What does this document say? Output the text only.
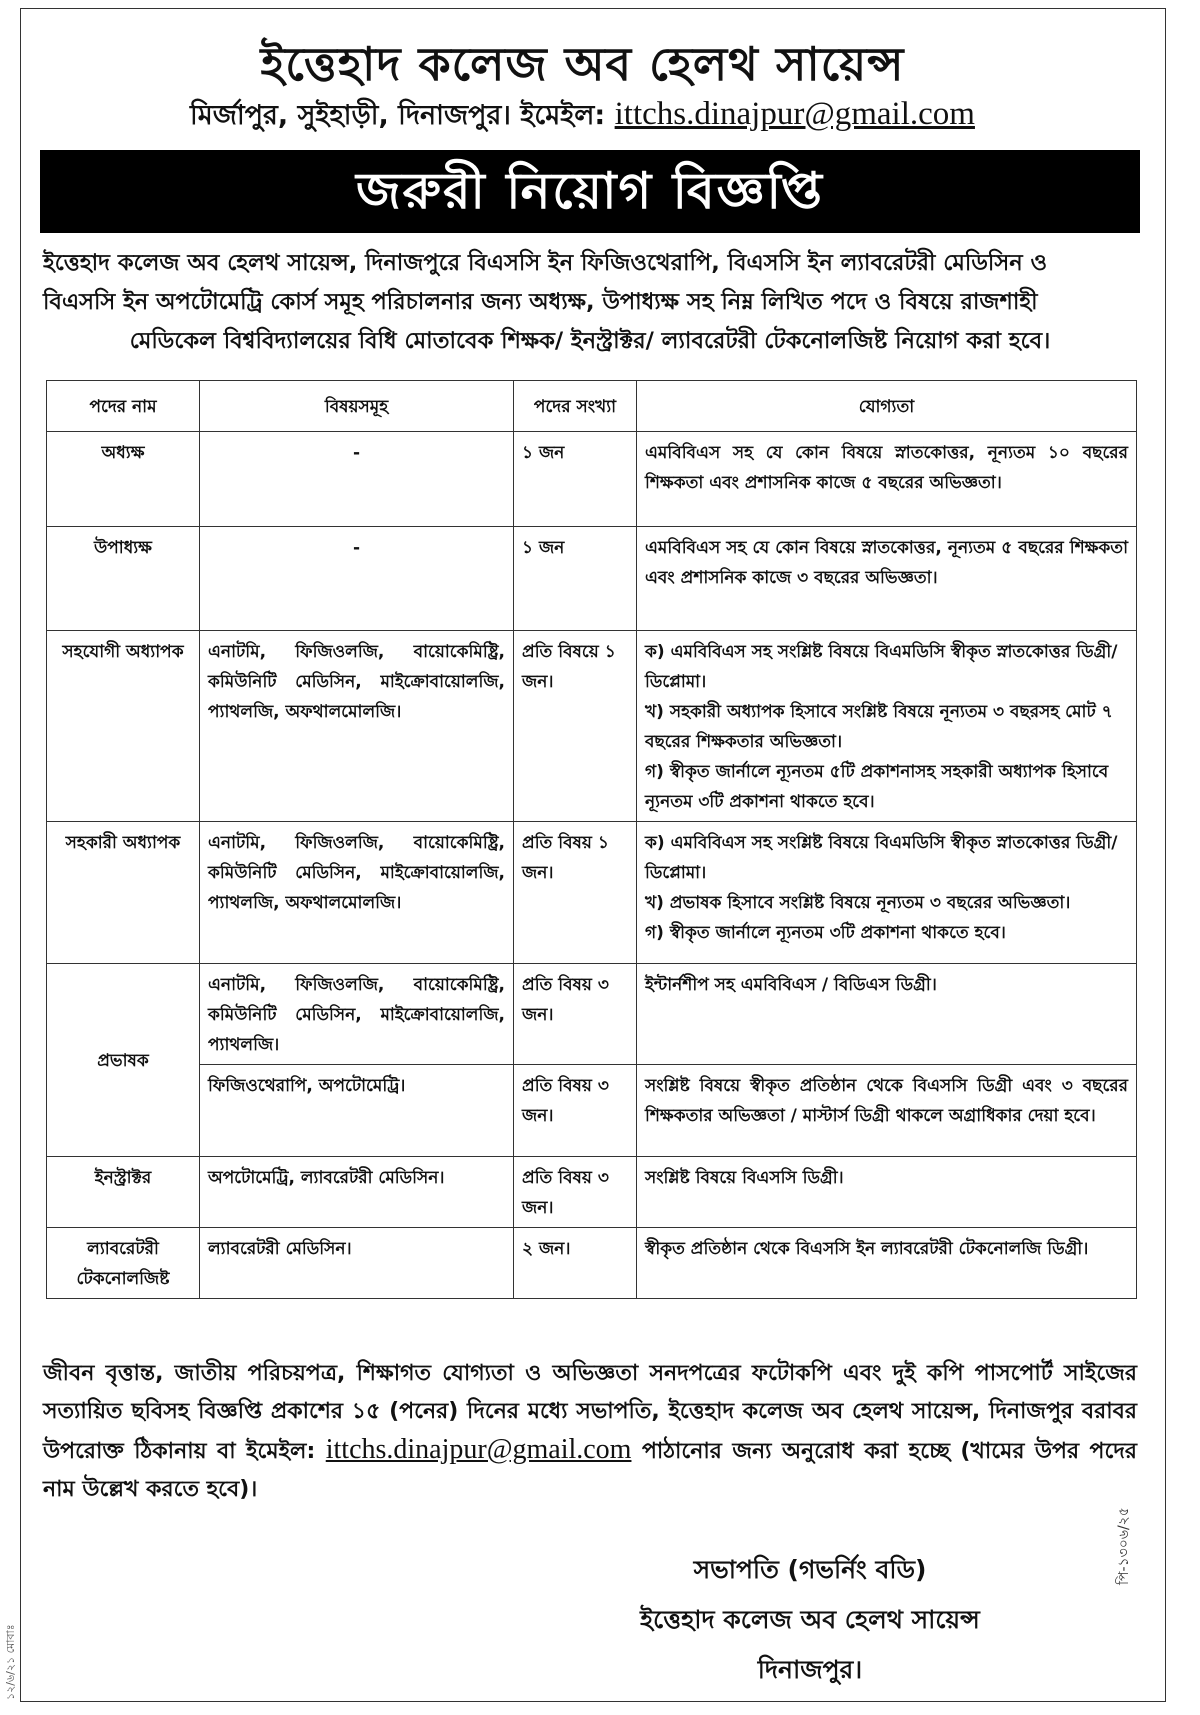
ইত্তেহাদ কলেজ অব হেলথ সায়েন্স
মির্জাপুর, সুইহাড়ী, দিনাজপুর। ইমেইল: ittchs.dinajpur@gmail.com
জরুরী নিয়োগ বিজ্ঞপ্তি
ইত্তেহাদ কলেজ অব হেলথ সায়েন্স, দিনাজপুরে বিএসসি ইন ফিজিওথেরাপি, বিএসসি ইন ল্যাবরেটরী মেডিসিন ও
বিএসসি ইন অপটোমেট্রি কোর্স সমূহ পরিচালনার জন্য অধ্যক্ষ, উপাধ্যক্ষ সহ নিম্ন লিখিত পদে ও বিষয়ে রাজশাহী
মেডিকেল বিশ্ববিদ্যালয়ের বিধি মোতাবেক শিক্ষক/ ইনস্ট্রাক্টর/ ল্যাবরেটরী টেকনোলজিষ্ট নিয়োগ করা হবে।
পদের নাম	বিষয়সমূহ	পদের সংখ্যা	যোগ্যতা
অধ্যক্ষ	-	১ জন	এমবিবিএস সহ যে কোন বিষয়ে স্নাতকোত্তর, নূন্যতম ১০ বছরের শিক্ষকতা এবং প্রশাসনিক কাজে ৫ বছরের অভিজ্ঞতা।
উপাধ্যক্ষ	-	১ জন	এমবিবিএস সহ যে কোন বিষয়ে স্নাতকোত্তর, নূন্যতম ৫ বছরের শিক্ষকতা এবং প্রশাসনিক কাজে ৩ বছরের অভিজ্ঞতা।
সহযোগী অধ্যাপক	এনাটমি, ফিজিওলজি, বায়োকেমিষ্ট্রি, কমিউনিটি মেডিসিন, মাইক্রোবায়োলজি, প্যাথলজি, অফথালমোলজি।	প্রতি বিষয়ে ১ জন।	ক) এমবিবিএস সহ সংশ্লিষ্ট বিষয়ে বিএমডিসি স্বীকৃত স্নাতকোত্তর ডিগ্রী/ডিপ্লোমা।
খ) সহকারী অধ্যাপক হিসাবে সংশ্লিষ্ট বিষয়ে নূন্যতম ৩ বছরসহ মোট ৭ বছরের শিক্ষকতার অভিজ্ঞতা।
গ) স্বীকৃত জার্নালে ন্যূনতম ৫টি প্রকাশনাসহ সহকারী অধ্যাপক হিসাবে ন্যূনতম ৩টি প্রকাশনা থাকতে হবে।

সহকারী অধ্যাপক	এনাটমি, ফিজিওলজি, বায়োকেমিষ্ট্রি, কমিউনিটি মেডিসিন, মাইক্রোবায়োলজি, প্যাথলজি, অফথালমোলজি।	প্রতি বিষয় ১ জন।	ক) এমবিবিএস সহ সংশ্লিষ্ট বিষয়ে বিএমডিসি স্বীকৃত স্নাতকোত্তর ডিগ্রী/ডিপ্লোমা।
খ) প্রভাষক হিসাবে সংশ্লিষ্ট বিষয়ে নূন্যতম ৩ বছরের অভিজ্ঞতা।
গ) স্বীকৃত জার্নালে ন্যূনতম ৩টি প্রকাশনা থাকতে হবে।

প্রভাষক	এনাটমি, ফিজিওলজি, বায়োকেমিষ্ট্রি, কমিউনিটি মেডিসিন, মাইক্রোবায়োলজি, প্যাথলজি।	প্রতি বিষয় ৩ জন।	ইন্টার্নশীপ সহ এমবিবিএস / বিডিএস ডিগ্রী।
	ফিজিওথেরাপি, অপটোমেট্রি।	প্রতি বিষয় ৩ জন।	সংশ্লিষ্ট বিষয়ে স্বীকৃত প্রতিষ্ঠান থেকে বিএসসি ডিগ্রী এবং ৩ বছরের শিক্ষকতার অভিজ্ঞতা / মাস্টার্স ডিগ্রী থাকলে অগ্রাধিকার দেয়া হবে।
ইনস্ট্রাক্টর	অপটোমেট্রি, ল্যাবরেটরী মেডিসিন।	প্রতি বিষয় ৩ জন।	সংশ্লিষ্ট বিষয়ে বিএসসি ডিগ্রী।

ল্যাবরেটরী
টেকনোলজিষ্ট	ল্যাবরেটরী মেডিসিন।	২ জন।	স্বীকৃত প্রতিষ্ঠান থেকে বিএসসি ইন ল্যাবরেটরী টেকনোলজি ডিগ্রী।
জীবন বৃত্তান্ত, জাতীয় পরিচয়পত্র, শিক্ষাগত যোগ্যতা ও অভিজ্ঞতা সনদপত্রের ফটোকপি এবং দুই কপি পাসপোর্ট সাইজের সত্যায়িত ছবিসহ বিজ্ঞপ্তি প্রকাশের ১৫ (পনের) দিনের মধ্যে সভাপতি, ইত্তেহাদ কলেজ অব হেলথ সায়েন্স, দিনাজপুর বরাবর উপরোক্ত ঠিকানায় বা ইমেইল: ittchs.dinajpur@gmail.com পাঠানোর জন্য অনুরোধ করা হচ্ছে (খামের উপর পদের নাম উল্লেখ করতে হবে)।
সভাপতি (গভর্নিং বডি)
ইত্তেহাদ কলেজ অব হেলথ সায়েন্স
দিনাজপুর।
পি-১৩০৬/২৫
১২/৬/২১ মোবাঃ
